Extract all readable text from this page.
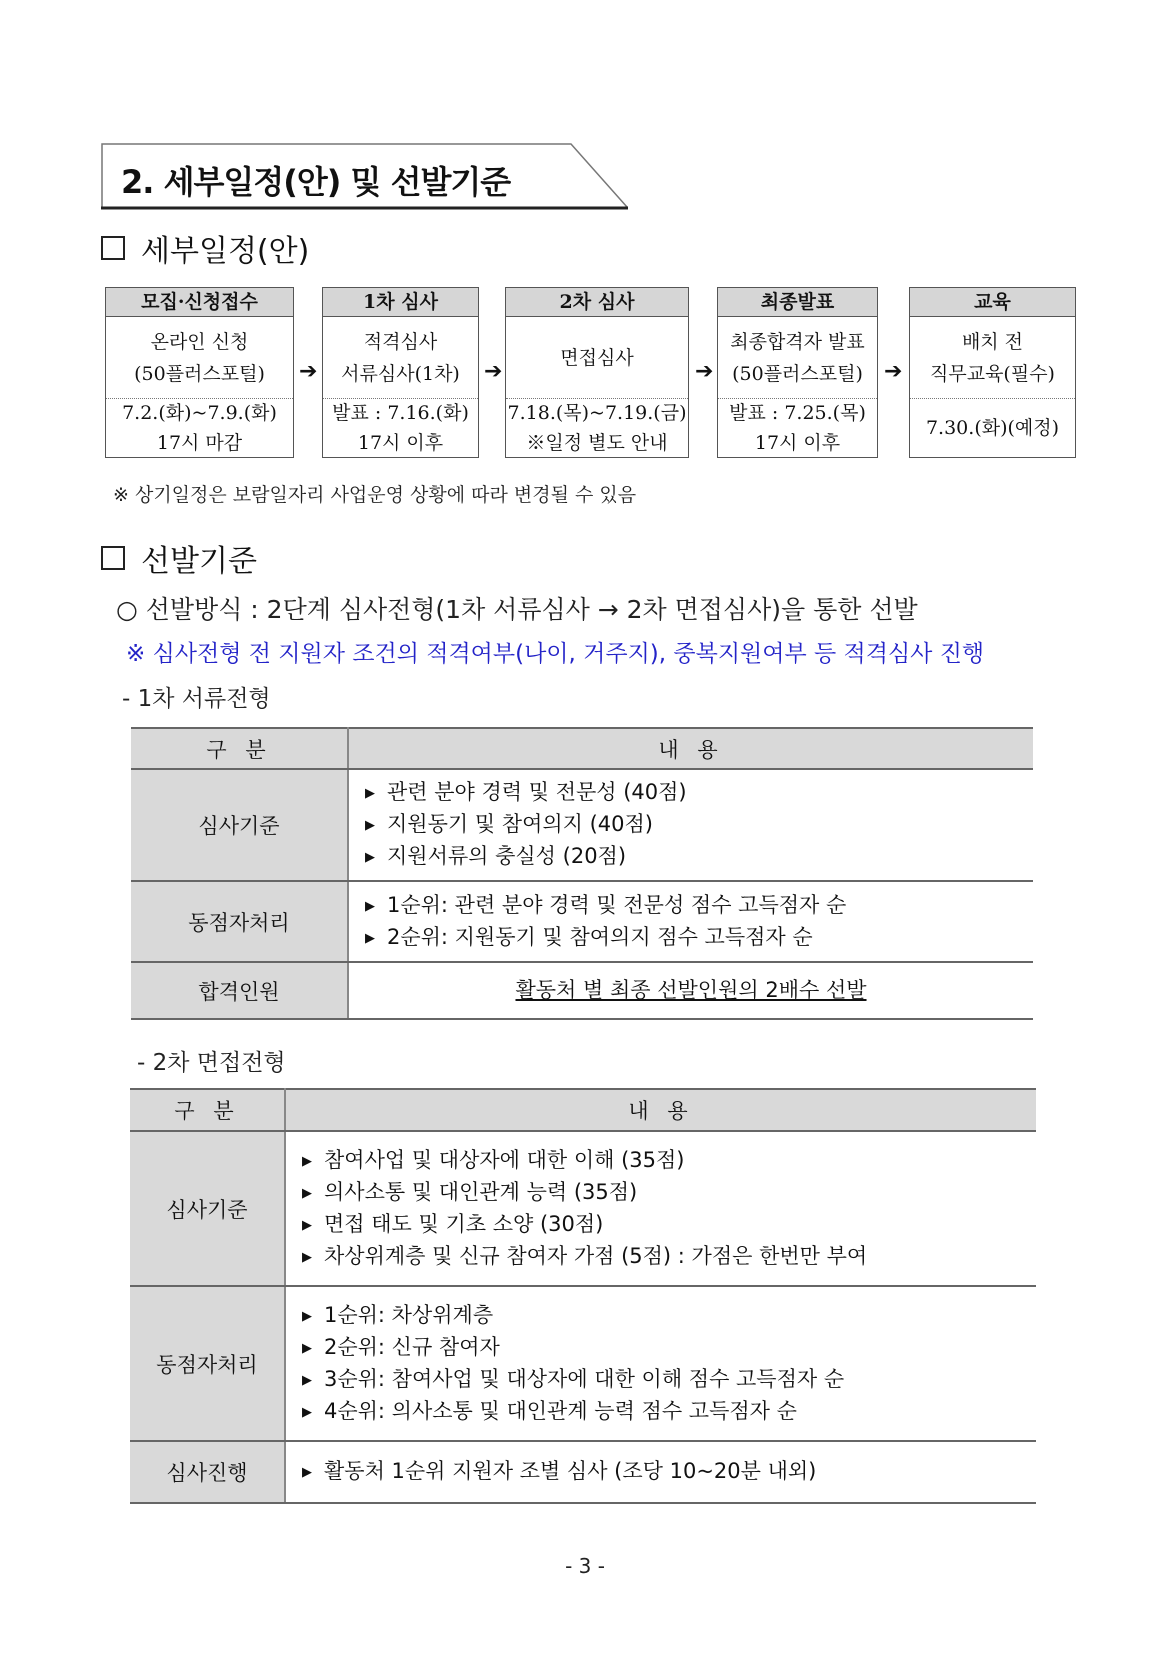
2. 세부일정(안) 및 선발기준
세부일정(안)
모집·신청접수
온라인 신청
(50플러스포털)
7.2.(화)~7.9.(화)
17시 마감
➔
1차 심사
적격심사
서류심사(1차)
발표 : 7.16.(화)
17시 이후
➔
2차 심사
면접심사
7.18.(목)~7.19.(금)
※일정 별도 안내
➔
최종발표
최종합격자 발표
(50플러스포털)
발표 : 7.25.(목)
17시 이후
➔
교육
배치 전
직무교육(필수)
7.30.(화)(예정)
※ 상기일정은 보람일자리 사업운영 상황에 따라 변경될 수 있음
선발기준
○ 선발방식 : 2단계 심사전형(1차 서류심사 → 2차 면접심사)을 통한 선발
※ 심사전형 전 지원자 조건의 적격여부(나이, 거주지), 중복지원여부 등 적격심사 진행
- 1차 서류전형
구 분	내 용
심사기준	▶ 관련 분야 경력 및 전문성 (40점)
▶ 지원동기 및 참여의지 (40점)
▶ 지원서류의 충실성 (20점)

동점자처리	▶ 1순위: 관련 분야 경력 및 전문성 점수 고득점자 순
▶ 2순위: 지원동기 및 참여의지 점수 고득점자 순

합격인원	활동처 별 최종 선발인원의 2배수 선발
- 2차 면접전형
구 분	내 용
심사기준	▶ 참여사업 및 대상자에 대한 이해 (35점)
▶ 의사소통 및 대인관계 능력 (35점)
▶ 면접 태도 및 기초 소양 (30점)
▶ 차상위계층 및 신규 참여자 가점 (5점) : 가점은 한번만 부여

동점자처리	▶ 1순위: 차상위계층
▶ 2순위: 신규 참여자
▶ 3순위: 참여사업 및 대상자에 대한 이해 점수 고득점자 순
▶ 4순위: 의사소통 및 대인관계 능력 점수 고득점자 순

심사진행	▶ 활동처 1순위 지원자 조별 심사 (조당 10~20분 내외)
- 3 -
